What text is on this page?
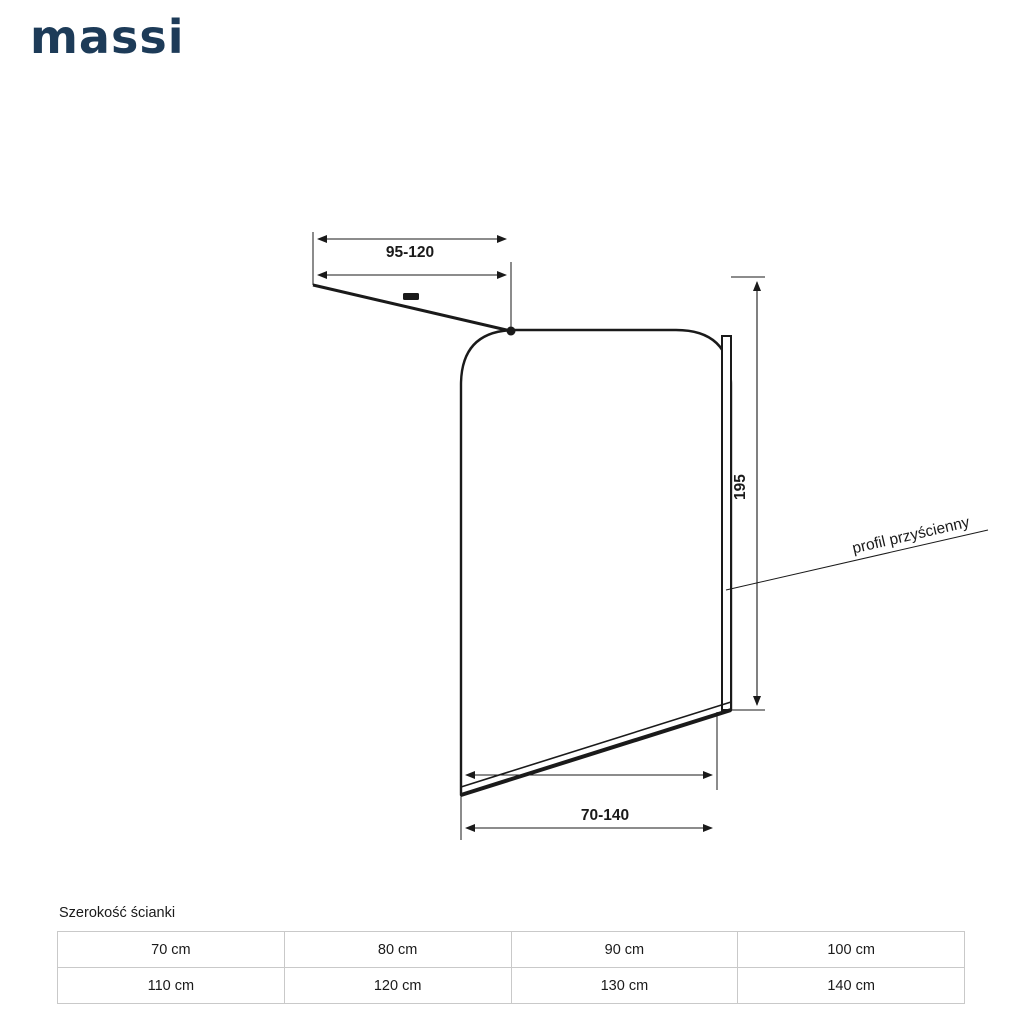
massi
95-120
195
70-140
profil przyścienny
Szerokość ścianki
70 cm	80 cm	90 cm	100 cm
110 cm	120 cm	130 cm	140 cm
